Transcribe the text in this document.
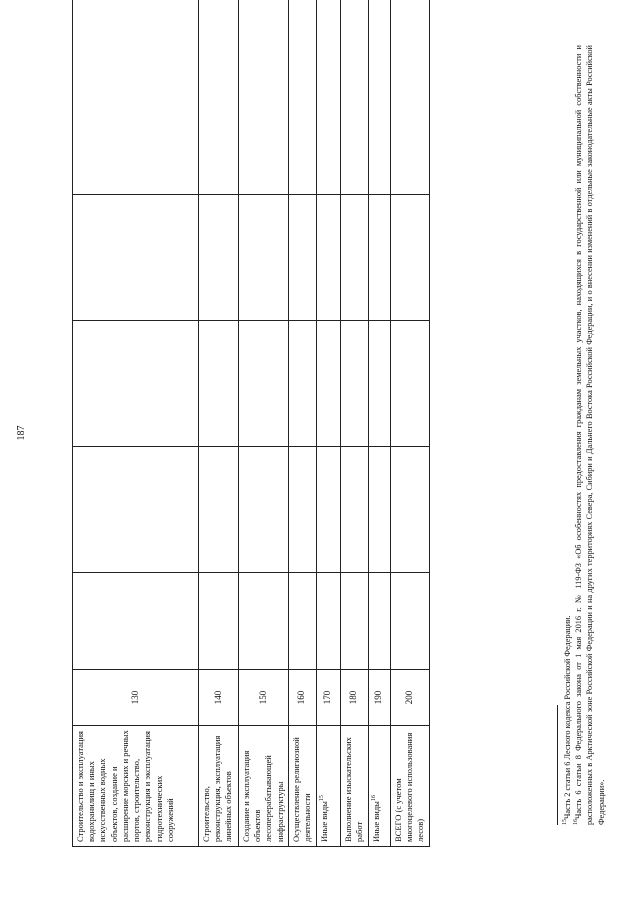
187
Строительство и эксплуатация водохранилищ и иных искусственных водных объектов, создание и расширение морских и речных портов, строительство, реконструкция и эксплуатация гидротехнических сооружений	130					
Строительство, реконструкция, эксплуатация линейных объектов	140					
Создание и эксплуатация объектов лесоперерабатывающей инфраструктуры	150					
Осуществление религиозной деятельности	160					
Иные виды$^{15}$	170					
Выполнение изыскательских работ	180					
Иные виды$^{16}$	190					
ВСЕГО (с учетом многоцелевого использования лесов)	200					

$^{15}$Часть 2 статьи 6 Лесного кодекса Российской Федерации.

$^{16}$Часть 6 статьи 8 Федерального закона от 1 мая 2016 г. № 119-ФЗ «Об особенностях предоставления гражданам земельных участков, находящихся в государственной или муниципальной собственности и расположенных в Арктической зоне Российской Федерации и на других территориях Севера, Сибири и Дальнего Востока Российской Федерации, и о внесении изменений в отдельные законодательные акты Российской Федерации».
